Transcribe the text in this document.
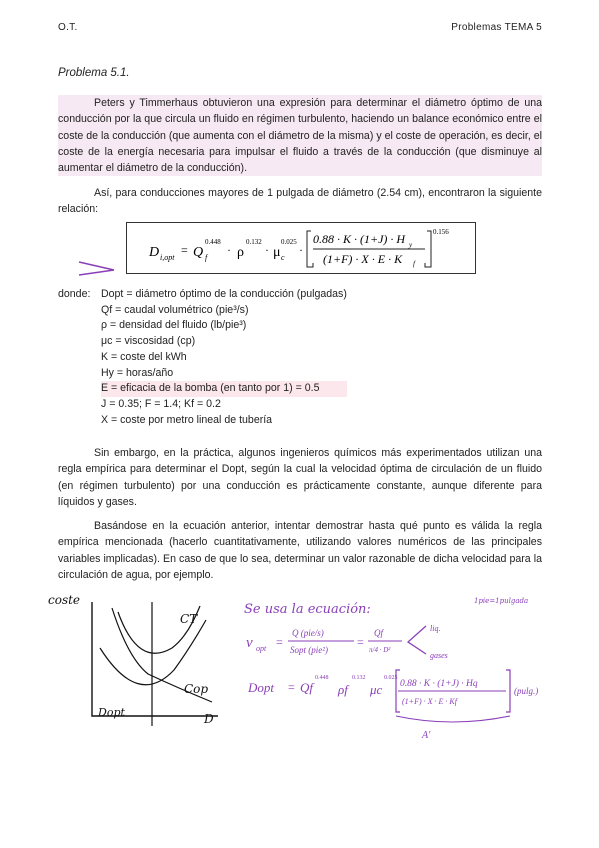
O.T.	Problemas TEMA 5
Problema 5.1.
Peters y Timmerhaus obtuvieron una expresión para determinar el diámetro óptimo de una conducción por la que circula un fluido en régimen turbulento, haciendo un balance económico entre el coste de la conducción (que aumenta con el diámetro de la misma) y el coste de operación, es decir, el coste de la energía necesaria para impulsar el fluido a través de la conducción (que disminuye al aumentar el diámetro de la conducción).
Así, para conducciones mayores de 1 pulgada de diámetro (2.54 cm), encontraron la siguiente relación:
D i,opt
= Q f
0.448
· ρ
0.132
· μ c
0.025
·
0.88 · K · (1+J) · H y
(1+F) · X · E · K f
0.156
donde: Dopt = diámetro óptimo de la conducción (pulgadas)
Qf = caudal volumétrico (pie³/s)
ρ = densidad del fluido (lb/pie³)
μc = viscosidad (cp)
K = coste del kWh
Hy = horas/año
E = eficacia de la bomba (en tanto por 1) = 0.5
J = 0.35; F = 1.4; Kf = 0.2
X = coste por metro lineal de tubería
Sin embargo, en la práctica, algunos ingenieros químicos más experimentados utilizan una regla empírica para determinar el Dopt, según la cual la velocidad óptima de circulación de un fluido (en régimen turbulento) por una conducción es prácticamente constante, aunque diferente para líquidos y gases.
Basándose en la ecuación anterior, intentar demostrar hasta qué punto es válida la regla empírica mencionada (hacerlo cuantitativamente, utilizando valores numéricos de las principales variables implicadas). En caso de que lo sea, determinar un valor razonable de dicha velocidad para la circulación de agua, por ejemplo.
coste
Dopt	D
CT
Cop
1pie=1pulgada
Se usa la ecuación:
v opt =
Q (pie/s)
Sopt (pie²)
=
Qf
π/4 · D²
liq.
gases
Dopt = Qf
0.448
ρf
0.132
μc
0.025
0.88 · K · (1+J) · Hq
(1+F) · X · E · Kf
(pulg.)
A'
